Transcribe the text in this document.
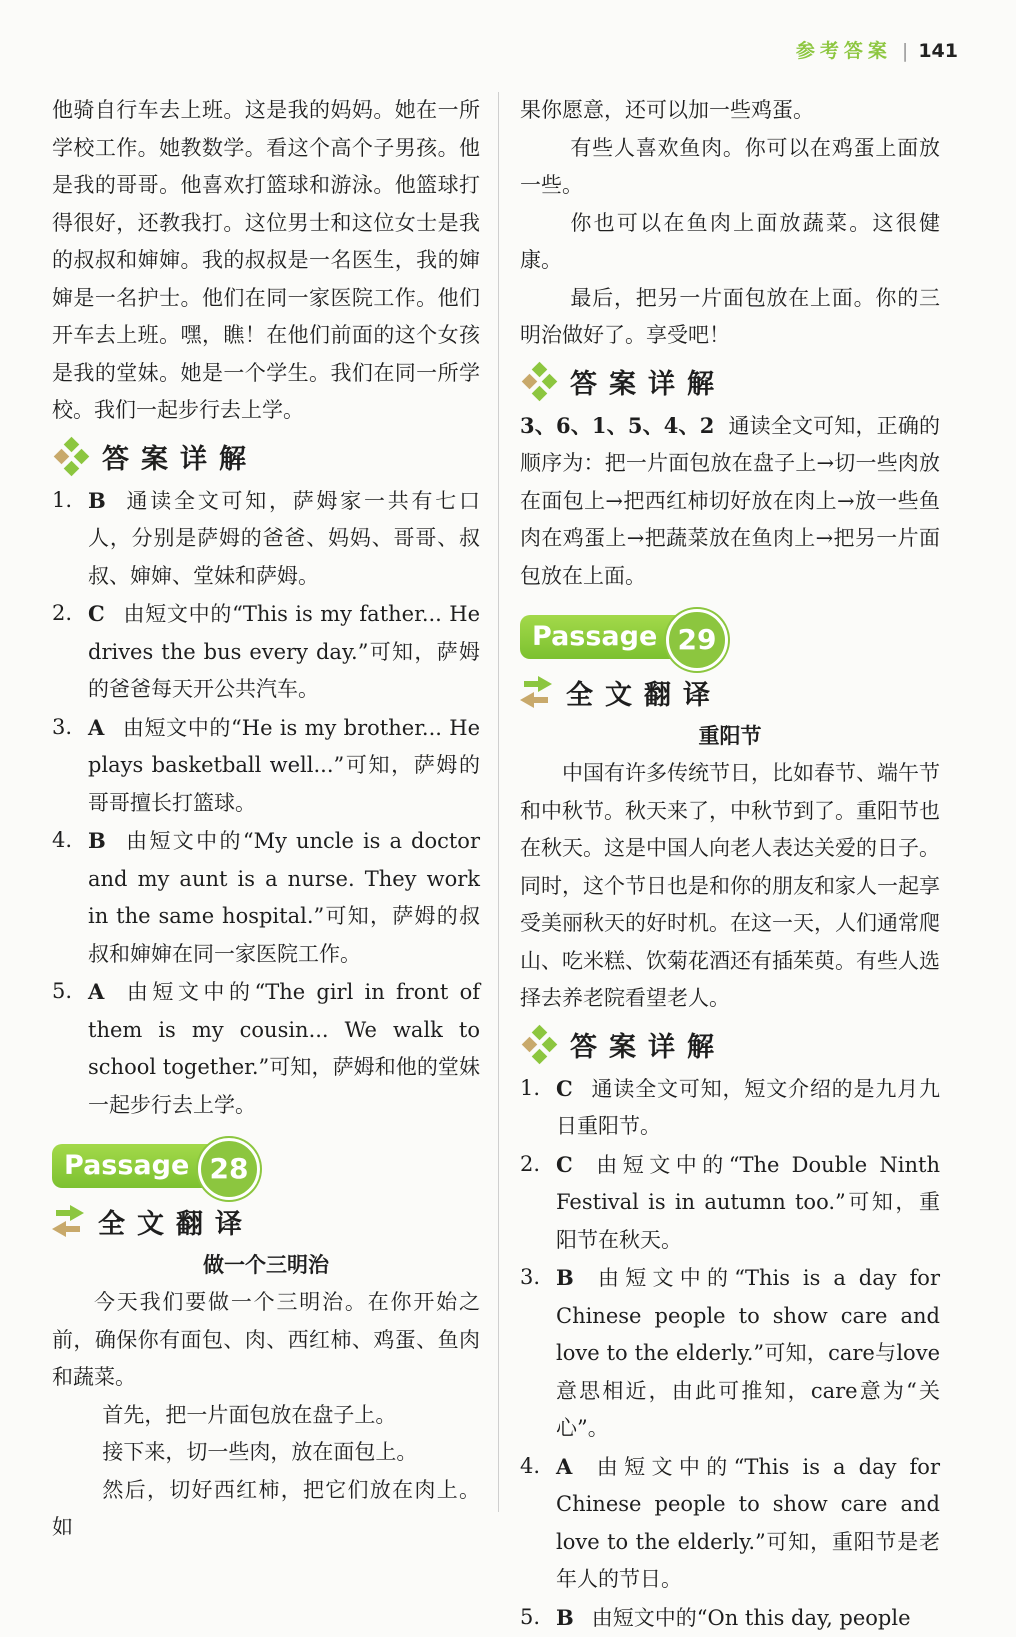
参考答案 | 141

他骑自行车去上班。这是我的妈妈。她在一所学校工作。她教数学。看这个高个子男孩。他是我的哥哥。他喜欢打篮球和游泳。他篮球打得很好，还教我打。这位男士和这位女士是我的叔叔和婶婶。我的叔叔是一名医生，我的婶婶是一名护士。他们在同一家医院工作。他们开车去上班。嘿，瞧！在他们前面的这个女孩是我的堂妹。她是一个学生。我们在同一所学校。我们一起步行去上学。

答案详解
1. B 通读全文可知，萨姆家一共有七口人，分别是萨姆的爸爸、妈妈、哥哥、叔叔、婶婶、堂妹和萨姆。
2. C 由短文中的“This is my father... He drives the bus every day.”可知，萨姆的爸爸每天开公共汽车。
3. A 由短文中的“He is my brother... He plays basketball well...”可知，萨姆的哥哥擅长打篮球。
4. B 由短文中的“My uncle is a doctor and my aunt is a nurse. They work in the same hospital.”可知，萨姆的叔叔和婶婶在同一家医院工作。
5. A 由短文中的“The girl in front of them is my cousin... We walk to school together.”可知，萨姆和他的堂妹一起步行去上学。
Passage 28
全文翻译
做一个三明治

今天我们要做一个三明治。在你开始之前，确保你有面包、肉、西红柿、鸡蛋、鱼肉和蔬菜。

首先，把一片面包放在盘子上。

接下来，切一些肉，放在面包上。

然后，切好西红柿，把它们放在肉上。如

果你愿意，还可以加一些鸡蛋。

有些人喜欢鱼肉。你可以在鸡蛋上面放一些。

你也可以在鱼肉上面放蔬菜。这很健康。

最后，把另一片面包放在上面。你的三明治做好了。享受吧！

答案详解

3、6、1、5、4、2 通读全文可知，正确的顺序为：把一片面包放在盘子上→切一些肉放在面包上→把西红柿切好放在肉上→放一些鱼肉在鸡蛋上→把蔬菜放在鱼肉上→把另一片面包放在上面。

Passage 29
全文翻译
重阳节

中国有许多传统节日，比如春节、端午节和中秋节。秋天来了，中秋节到了。重阳节也在秋天。这是中国人向老人表达关爱的日子。同时，这个节日也是和你的朋友和家人一起享受美丽秋天的好时机。在这一天，人们通常爬山、吃米糕、饮菊花酒还有插茱萸。有些人选择去养老院看望老人。

答案详解
1. C 通读全文可知，短文介绍的是九月九日重阳节。
2. C 由短文中的“The Double Ninth Festival is in autumn too.”可知，重阳节在秋天。
3. B 由短文中的“This is a day for Chinese people to show care and love to the elderly.”可知，care与love意思相近，由此可推知，care意为“关心”。
4. A 由短文中的“This is a day for Chinese people to show care and love to the elderly.”可知，重阳节是老年人的节日。
5. B 由短文中的“On this day, people
